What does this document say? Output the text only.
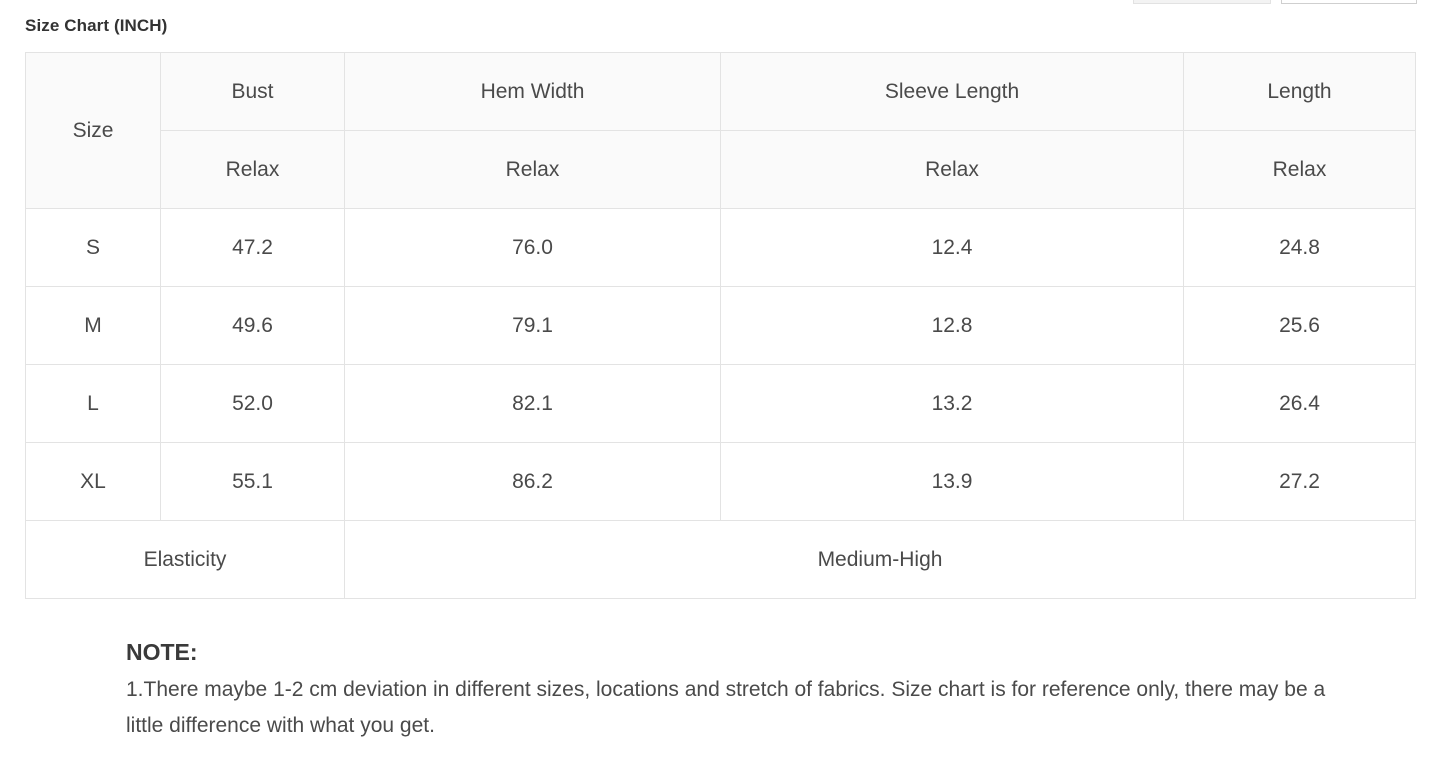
Size Chart (INCH)
Size	Bust	Hem Width	Sleeve Length	Length
	Relax	Relax	Relax	Relax
S	47.2	76.0	12.4	24.8
M	49.6	79.1	12.8	25.6
L	52.0	82.1	13.2	26.4
XL	55.1	86.2	13.9	27.2
Elasticity		Medium-High		
NOTE:

1.There maybe 1-2 cm deviation in different sizes, locations and stretch of fabrics. Size chart is for reference only, there may be a little difference with what you get.
